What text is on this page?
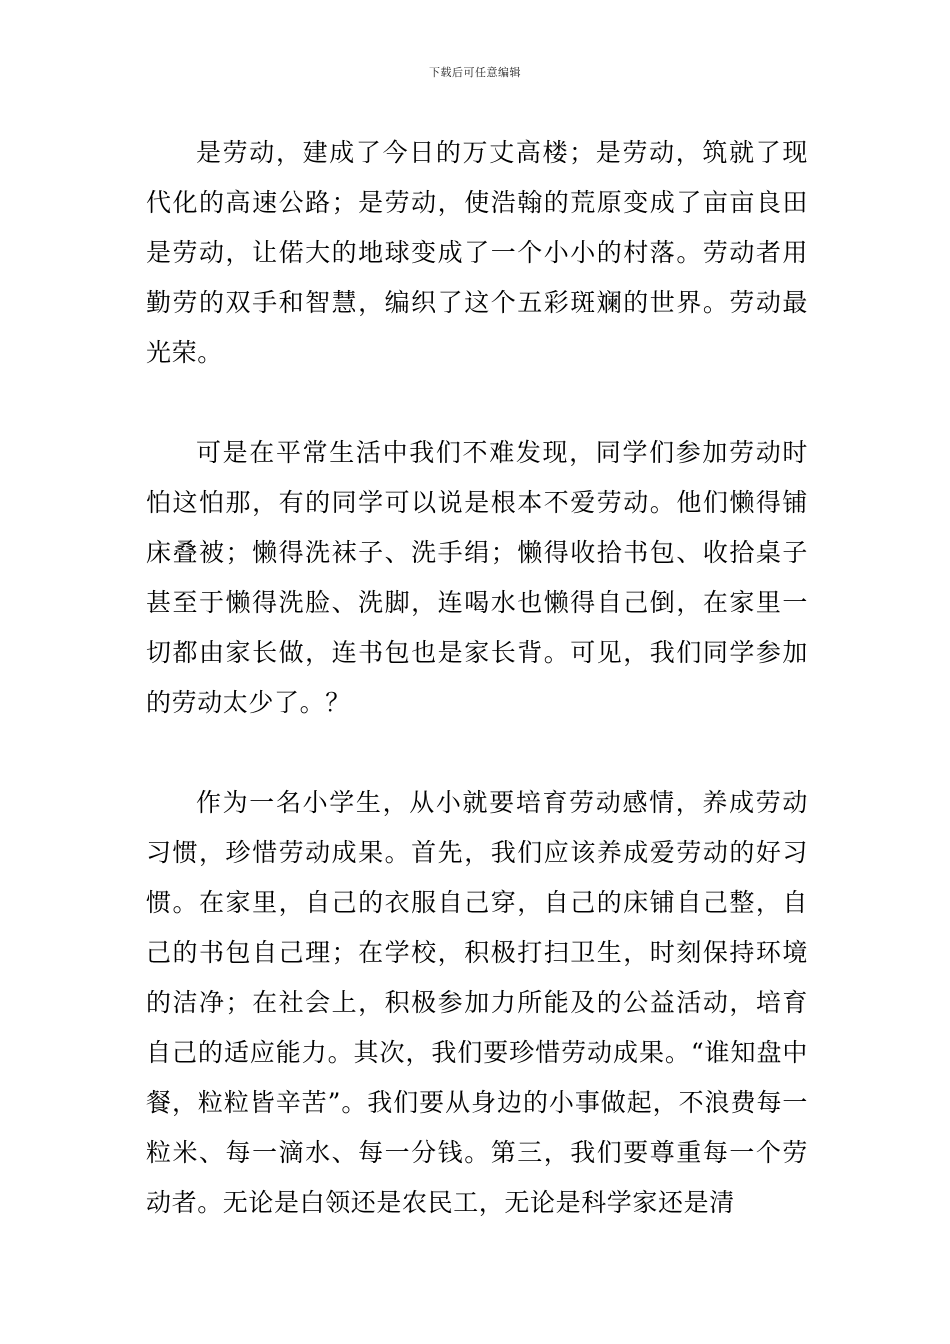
下载后可任意编辑

是劳动，建成了今日的万丈高楼；是劳动，筑就了现代化的高速公路；是劳动，使浩翰的荒原变成了亩亩良田是劳动，让偌大的地球变成了一个小小的村落。劳动者用勤劳的双手和智慧，编织了这个五彩斑斓的世界。劳动最光荣。

可是在平常生活中我们不难发现，同学们参加劳动时怕这怕那，有的同学可以说是根本不爱劳动。他们懒得铺床叠被；懒得洗袜子、洗手绢；懒得收拾书包、收拾桌子甚至于懒得洗脸、洗脚，连喝水也懒得自己倒，在家里一切都由家长做，连书包也是家长背。可见，我们同学参加的劳动太少了。？

作为一名小学生，从小就要培育劳动感情，养成劳动习惯，珍惜劳动成果。首先，我们应该养成爱劳动的好习惯。在家里，自己的衣服自己穿，自己的床铺自己整，自己的书包自己理；在学校，积极打扫卫生，时刻保持环境的洁净；在社会上，积极参加力所能及的公益活动，培育自己的适应能力。其次，我们要珍惜劳动成果。“谁知盘中餐，粒粒皆辛苦”。我们要从身边的小事做起，不浪费每一粒米、每一滴水、每一分钱。第三，我们要尊重每一个劳动者。无论是白领还是农民工，无论是科学家还是清
